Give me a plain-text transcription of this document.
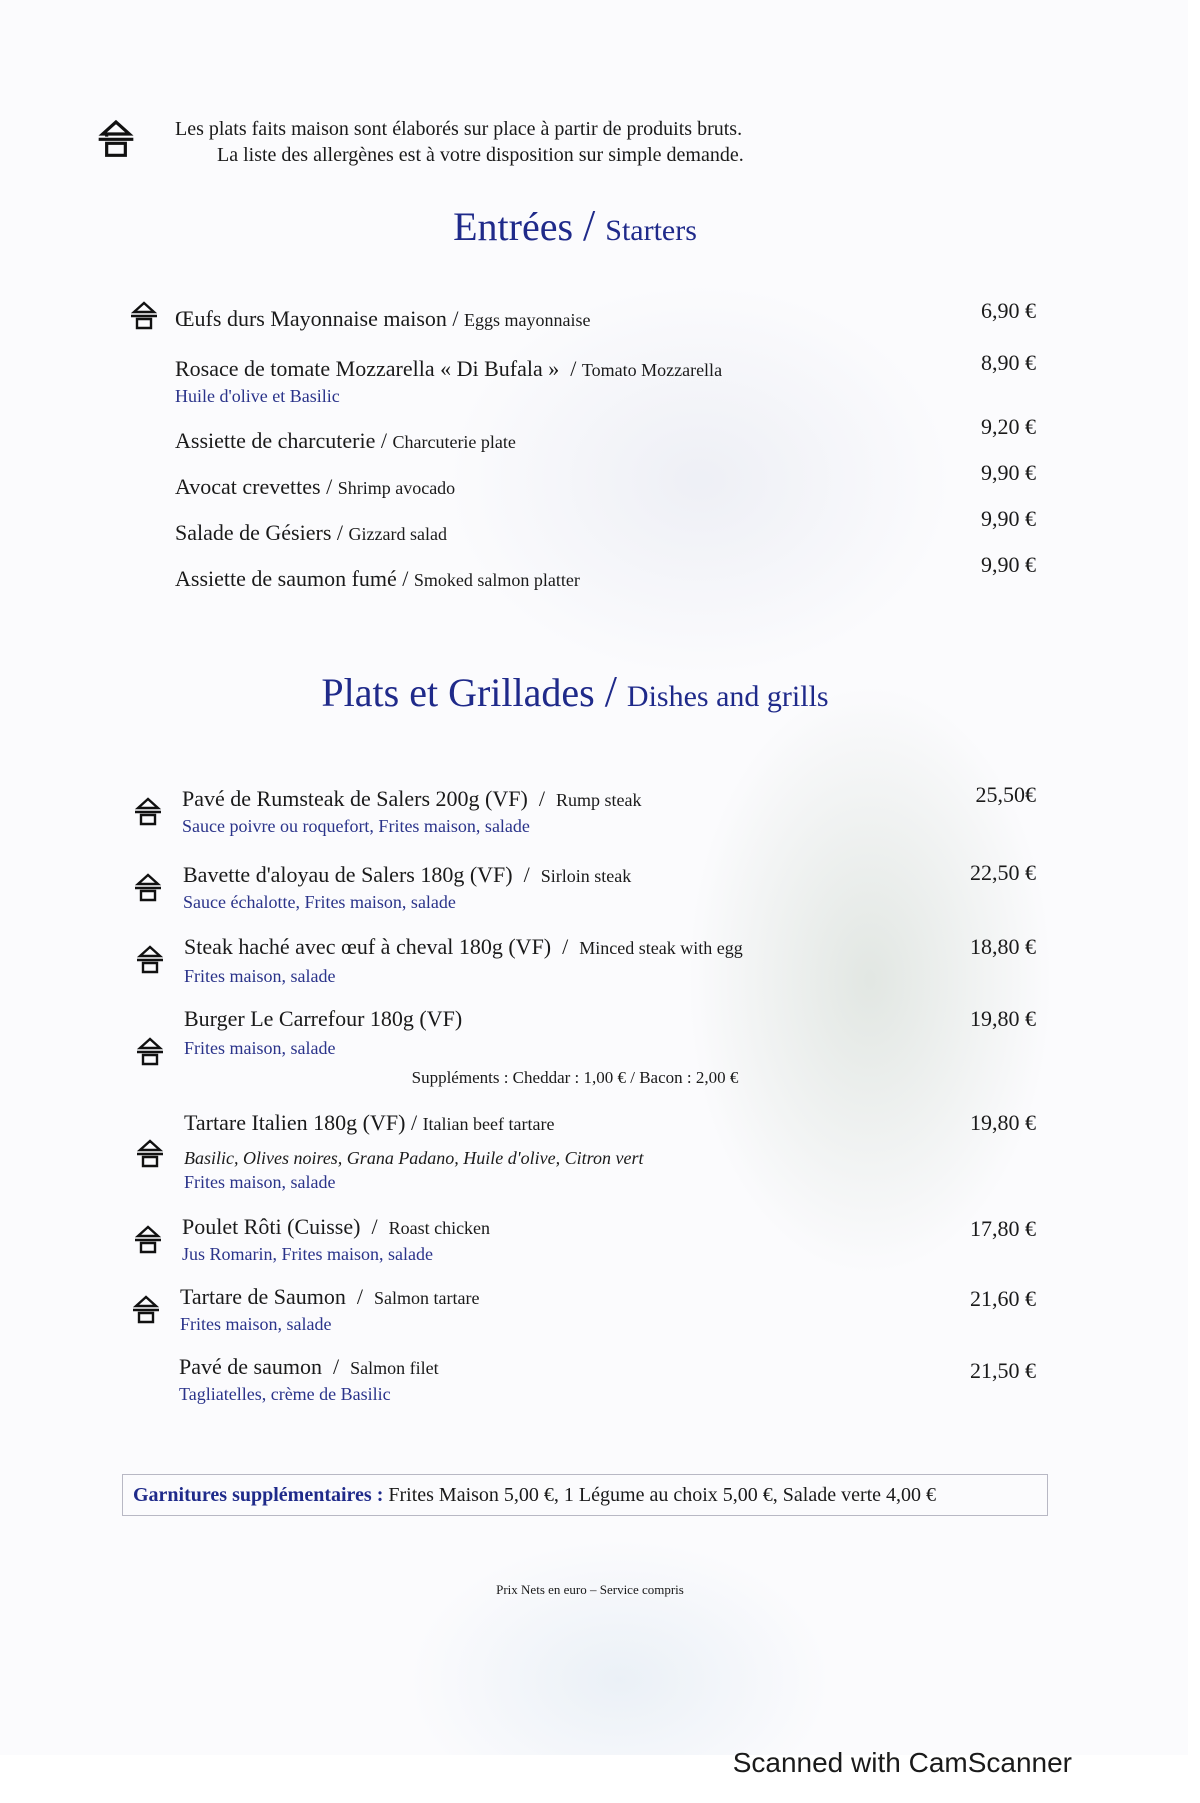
Les plats faits maison sont élaborés sur place à partir de produits bruts.
La liste des allergènes est à votre disposition sur simple demande.
Entrées / Starters
Œufs durs Mayonnaise maison / Eggs mayonnaise	6,90 €
Rosace de tomate Mozzarella « Di Bufala »  / Tomato Mozzarella
Huile d'olive et Basilic
8,90 €
Assiette de charcuterie / Charcuterie plate
9,20 €
Avocat crevettes / Shrimp avocado
9,90 €
Salade de Gésiers / Gizzard salad
9,90 €
Assiette de saumon fumé / Smoked salmon platter
9,90 €
Plats et Grillades / Dishes and grills
Pavé de Rumsteak de Salers 200g (VF)  /  Rump steak
Sauce poivre ou roquefort, Frites maison, salade
25,50€
Bavette d'aloyau de Salers 180g (VF)  /  Sirloin steak
Sauce échalotte, Frites maison, salade
22,50 €
Steak haché avec œuf à cheval 180g (VF)  /  Minced steak with egg
Frites maison, salade
18,80 €
Burger Le Carrefour 180g (VF)
Frites maison, salade
19,80 €
Suppléments : Cheddar : 1,00 € / Bacon : 2,00 €
Tartare Italien 180g (VF) / Italian beef tartare
Basilic, Olives noires, Grana Padano, Huile d'olive, Citron vert
Frites maison, salade
19,80 €
Poulet Rôti (Cuisse)  /  Roast chicken
Jus Romarin, Frites maison, salade
17,80 €
Tartare de Saumon  /  Salmon tartare
Frites maison, salade
21,60 €
Pavé de saumon  /  Salmon filet
Tagliatelles, crème de Basilic
21,50 €
Garnitures supplémentaires : Frites Maison 5,00 €, 1 Légume au choix 5,00 €, Salade verte 4,00 €
Prix Nets en euro – Service compris
Scanned with CamScanner
